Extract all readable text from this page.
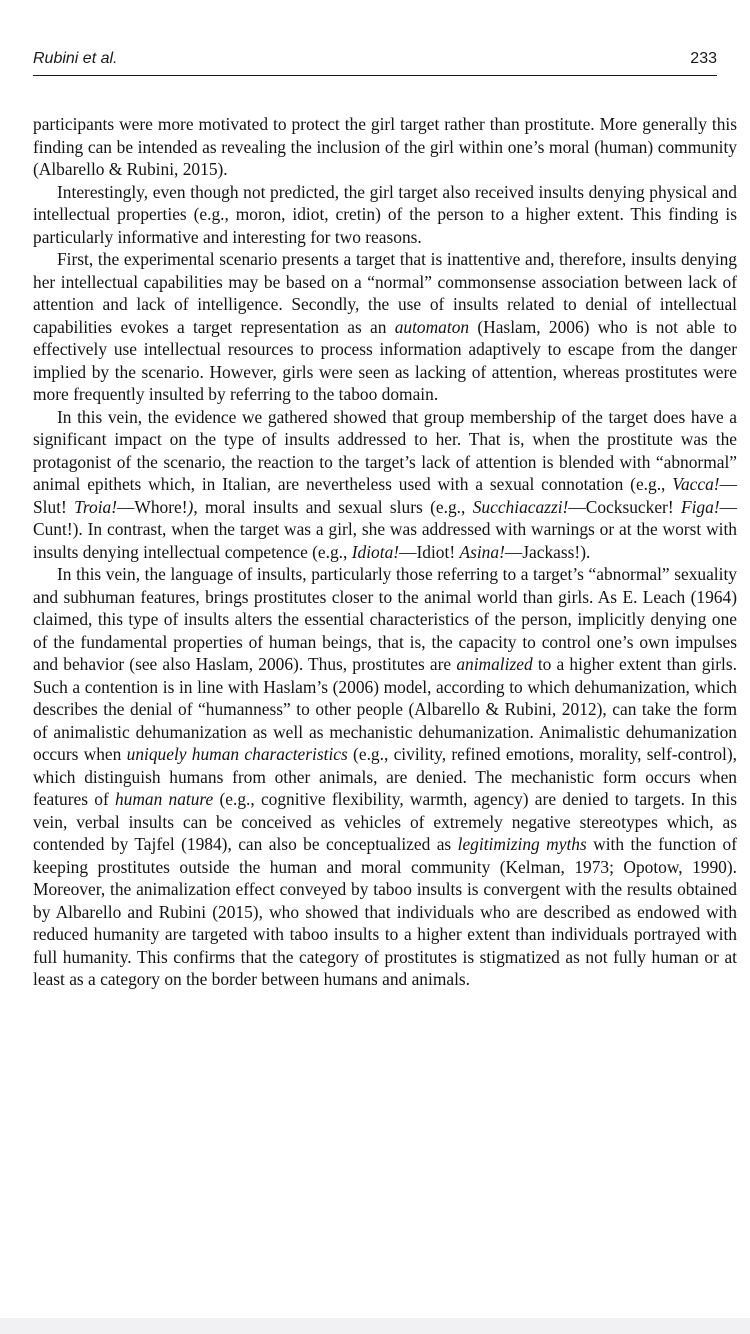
Rubini et al.	233

participants were more motivated to protect the girl target rather than prostitute. More generally this finding can be intended as revealing the inclusion of the girl within one’s moral (human) community (Albarello & Rubini, 2015).

Interestingly, even though not predicted, the girl target also received insults denying physical and intellectual properties (e.g., moron, idiot, cretin) of the person to a higher extent. This finding is particularly informative and interesting for two reasons.

First, the experimental scenario presents a target that is inattentive and, therefore, insults denying her intellectual capabilities may be based on a “normal” commonsense association between lack of attention and lack of intelligence. Secondly, the use of insults related to denial of intellectual capabilities evokes a target representation as an automaton (Haslam, 2006) who is not able to effectively use intellectual resources to process information adaptively to escape from the danger implied by the scenario. However, girls were seen as lacking of attention, whereas prostitutes were more frequently insulted by referring to the taboo domain.

In this vein, the evidence we gathered showed that group membership of the target does have a significant impact on the type of insults addressed to her. That is, when the prostitute was the protagonist of the scenario, the reaction to the target’s lack of attention is blended with “abnormal” animal epithets which, in Italian, are nevertheless used with a sexual connotation (e.g., Vacca!—Slut! Troia!—Whore!), moral insults and sexual slurs (e.g., Succhiacazzi!—Cocksucker! Figa!—Cunt!). In contrast, when the target was a girl, she was addressed with warnings or at the worst with insults denying intellectual competence (e.g., Idiota!—Idiot! Asina!—Jackass!).

In this vein, the language of insults, particularly those referring to a target’s “abnormal” sexuality and subhuman features, brings prostitutes closer to the animal world than girls. As E. Leach (1964) claimed, this type of insults alters the essential characteristics of the person, implicitly denying one of the fundamental properties of human beings, that is, the capacity to control one’s own impulses and behavior (see also Haslam, 2006). Thus, prostitutes are animalized to a higher extent than girls. Such a contention is in line with Haslam’s (2006) model, according to which dehumanization, which describes the denial of “humanness” to other people (Albarello & Rubini, 2012), can take the form of animalistic dehumanization as well as mechanistic dehumanization. Animalistic dehumanization occurs when uniquely human characteristics (e.g., civility, refined emotions, morality, self-control), which distinguish humans from other animals, are denied. The mechanistic form occurs when features of human nature (e.g., cognitive flexibility, warmth, agency) are denied to targets. In this vein, verbal insults can be conceived as vehicles of extremely negative stereotypes which, as contended by Tajfel (1984), can also be conceptualized as legitimizing myths with the function of keeping prostitutes outside the human and moral community (Kelman, 1973; Opotow, 1990). Moreover, the animalization effect conveyed by taboo insults is convergent with the results obtained by Albarello and Rubini (2015), who showed that individuals who are described as endowed with reduced humanity are targeted with taboo insults to a higher extent than individuals portrayed with full humanity. This confirms that the category of prostitutes is stigmatized as not fully human or at least as a category on the border between humans and animals.
